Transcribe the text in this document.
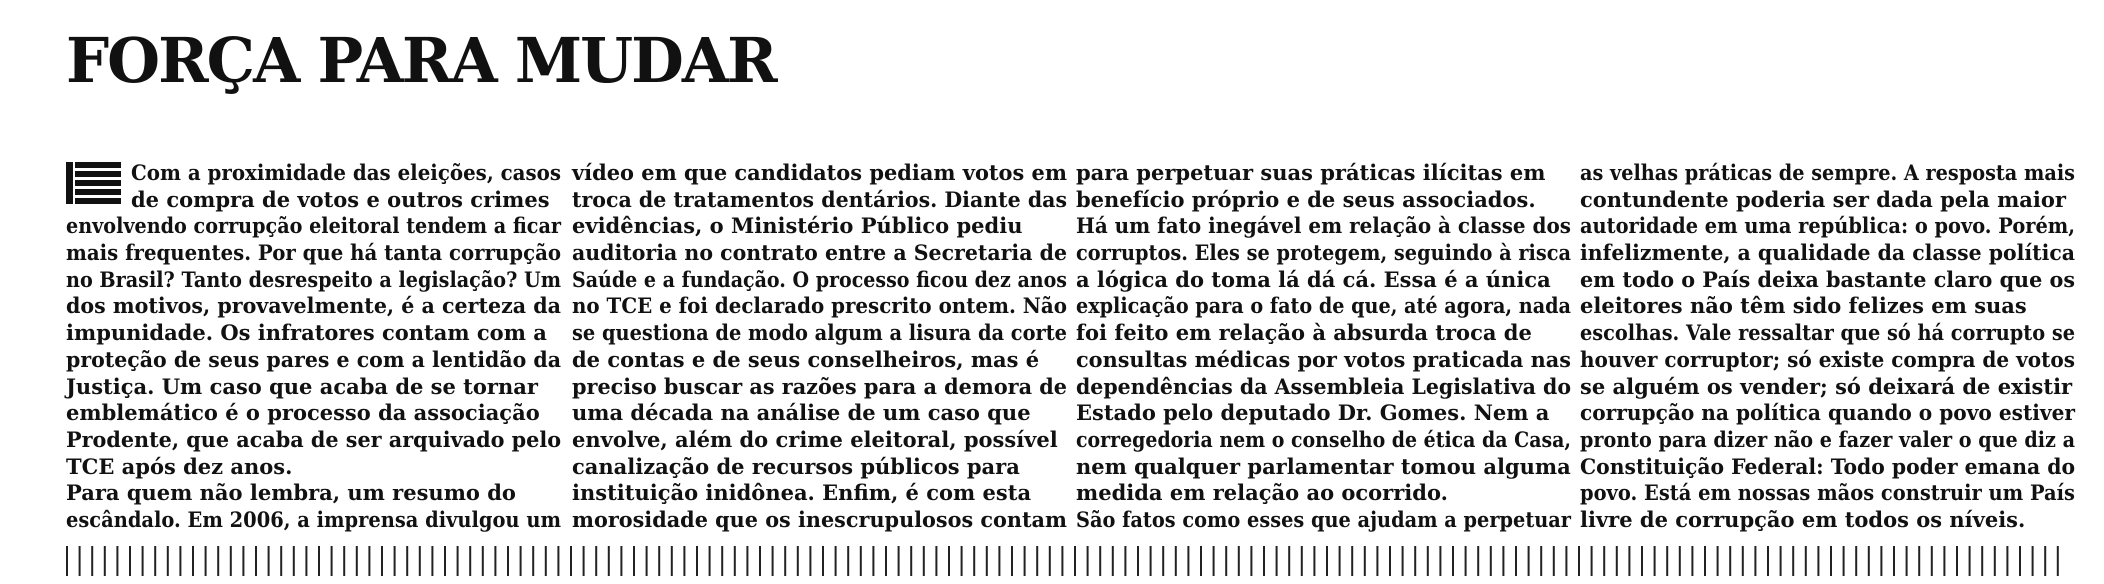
FORÇA PARA MUDAR
Com a proximidade das eleições, casos
de compra de votos e outros crimes
envolvendo corrupção eleitoral tendem a ficar
mais frequentes. Por que há tanta corrupção
no Brasil? Tanto desrespeito a legislação? Um
dos motivos, provavelmente, é a certeza da
impunidade. Os infratores contam com a
proteção de seus pares e com a lentidão da
Justiça. Um caso que acaba de se tornar
emblemático é o processo da associação
Prodente, que acaba de ser arquivado pelo
TCE após dez anos.
Para quem não lembra, um resumo do
escândalo. Em 2006, a imprensa divulgou um
vídeo em que candidatos pediam votos em
troca de tratamentos dentários. Diante das
evidências, o Ministério Público pediu
auditoria no contrato entre a Secretaria de
Saúde e a fundação. O processo ficou dez anos
no TCE e foi declarado prescrito ontem. Não
se questiona de modo algum a lisura da corte
de contas e de seus conselheiros, mas é
preciso buscar as razões para a demora de
uma década na análise de um caso que
envolve, além do crime eleitoral, possível
canalização de recursos públicos para
instituição inidônea. Enfim, é com esta
morosidade que os inescrupulosos contam
para perpetuar suas práticas ilícitas em
benefício próprio e de seus associados.
Há um fato inegável em relação à classe dos
corruptos. Eles se protegem, seguindo à risca
a lógica do toma lá dá cá. Essa é a única
explicação para o fato de que, até agora, nada
foi feito em relação à absurda troca de
consultas médicas por votos praticada nas
dependências da Assembleia Legislativa do
Estado pelo deputado Dr. Gomes. Nem a
corregedoria nem o conselho de ética da Casa,
nem qualquer parlamentar tomou alguma
medida em relação ao ocorrido.
São fatos como esses que ajudam a perpetuar
as velhas práticas de sempre. A resposta mais
contundente poderia ser dada pela maior
autoridade em uma república: o povo. Porém,
infelizmente, a qualidade da classe política
em todo o País deixa bastante claro que os
eleitores não têm sido felizes em suas
escolhas. Vale ressaltar que só há corrupto se
houver corruptor; só existe compra de votos
se alguém os vender; só deixará de existir
corrupção na política quando o povo estiver
pronto para dizer não e fazer valer o que diz a
Constituição Federal: Todo poder emana do
povo. Está em nossas mãos construir um País
livre de corrupção em todos os níveis.
